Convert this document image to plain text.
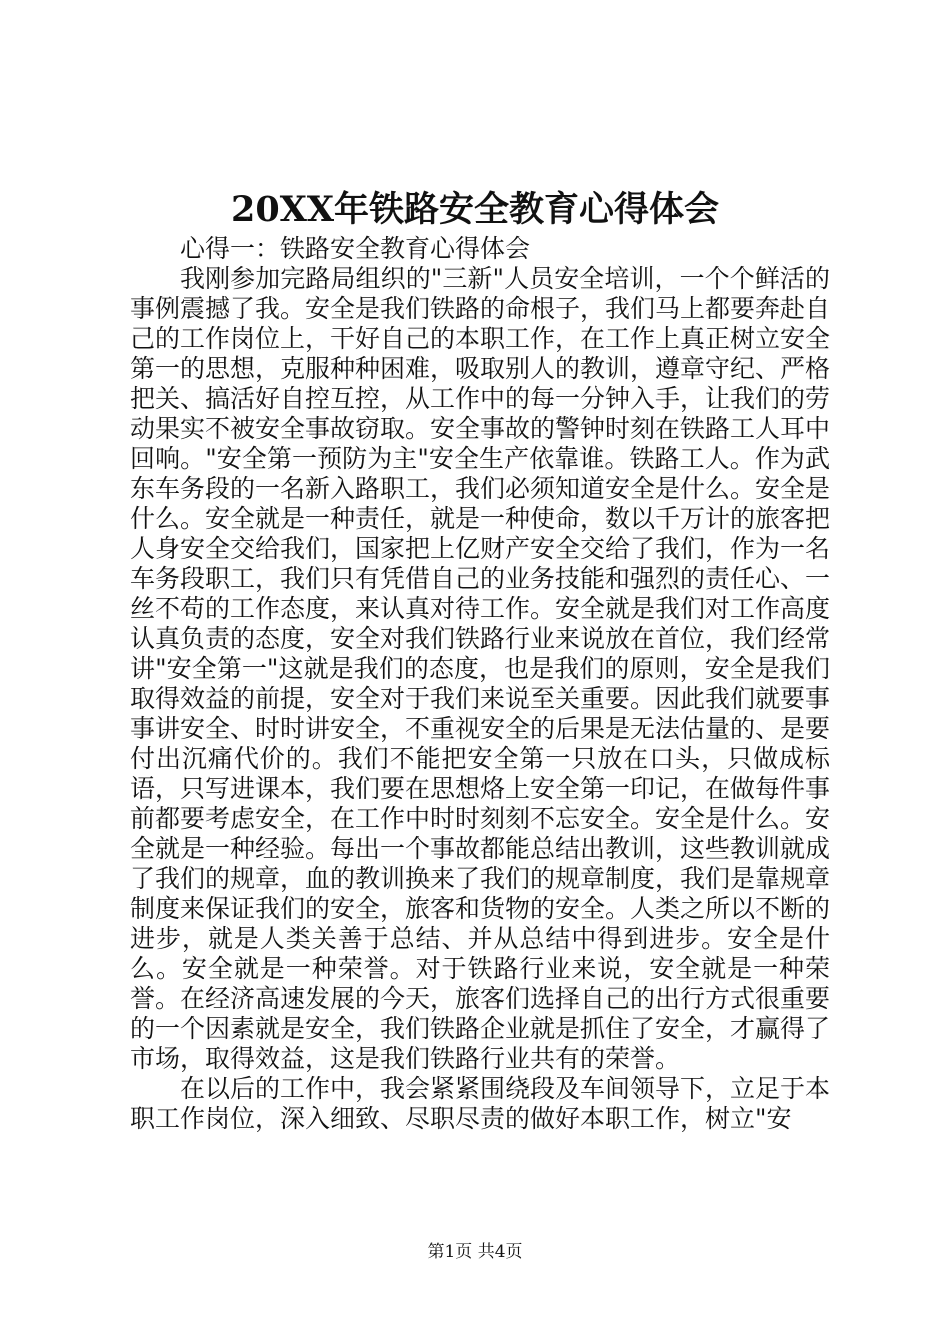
20XX年铁路安全教育心得体会

心得一：铁路安全教育心得体会

我刚参加完路局组织的"三新"人员安全培训，一个个鲜活的事例震撼了我。安全是我们铁路的命根子，我们马上都要奔赴自己的工作岗位上，干好自己的本职工作，在工作上真正树立安全第一的思想，克服种种困难，吸取别人的教训，遵章守纪、严格把关、搞活好自控互控，从工作中的每一分钟入手，让我们的劳动果实不被安全事故窃取。安全事故的警钟时刻在铁路工人耳中回响。"安全第一预防为主"安全生产依靠谁。铁路工人。作为武东车务段的一名新入路职工，我们必须知道安全是什么。安全是什么。安全就是一种责任，就是一种使命，数以千万计的旅客把人身安全交给我们，国家把上亿财产安全交给了我们，作为一名车务段职工，我们只有凭借自己的业务技能和强烈的责任心、一丝不苟的工作态度，来认真对待工作。安全就是我们对工作高度认真负责的态度，安全对我们铁路行业来说放在首位，我们经常讲"安全第一"这就是我们的态度，也是我们的原则，安全是我们取得效益的前提，安全对于我们来说至关重要。因此我们就要事事讲安全、时时讲安全，不重视安全的后果是无法估量的、是要付出沉痛代价的。我们不能把安全第一只放在口头，只做成标语，只写进课本，我们要在思想烙上安全第一印记，在做每件事前都要考虑安全，在工作中时时刻刻不忘安全。安全是什么。安全就是一种经验。每出一个事故都能总结出教训，这些教训就成了我们的规章，血的教训换来了我们的规章制度，我们是靠规章制度来保证我们的安全，旅客和货物的安全。人类之所以不断的进步，就是人类关善于总结、并从总结中得到进步。安全是什么。安全就是一种荣誉。对于铁路行业来说，安全就是一种荣誉。在经济高速发展的今天，旅客们选择自己的出行方式很重要的一个因素就是安全，我们铁路企业就是抓住了安全，才赢得了市场，取得效益，这是我们铁路行业共有的荣誉。

在以后的工作中，我会紧紧围绕段及车间领导下，立足于本职工作岗位，深入细致、尽职尽责的做好本职工作，树立"安

第1页 共4页
